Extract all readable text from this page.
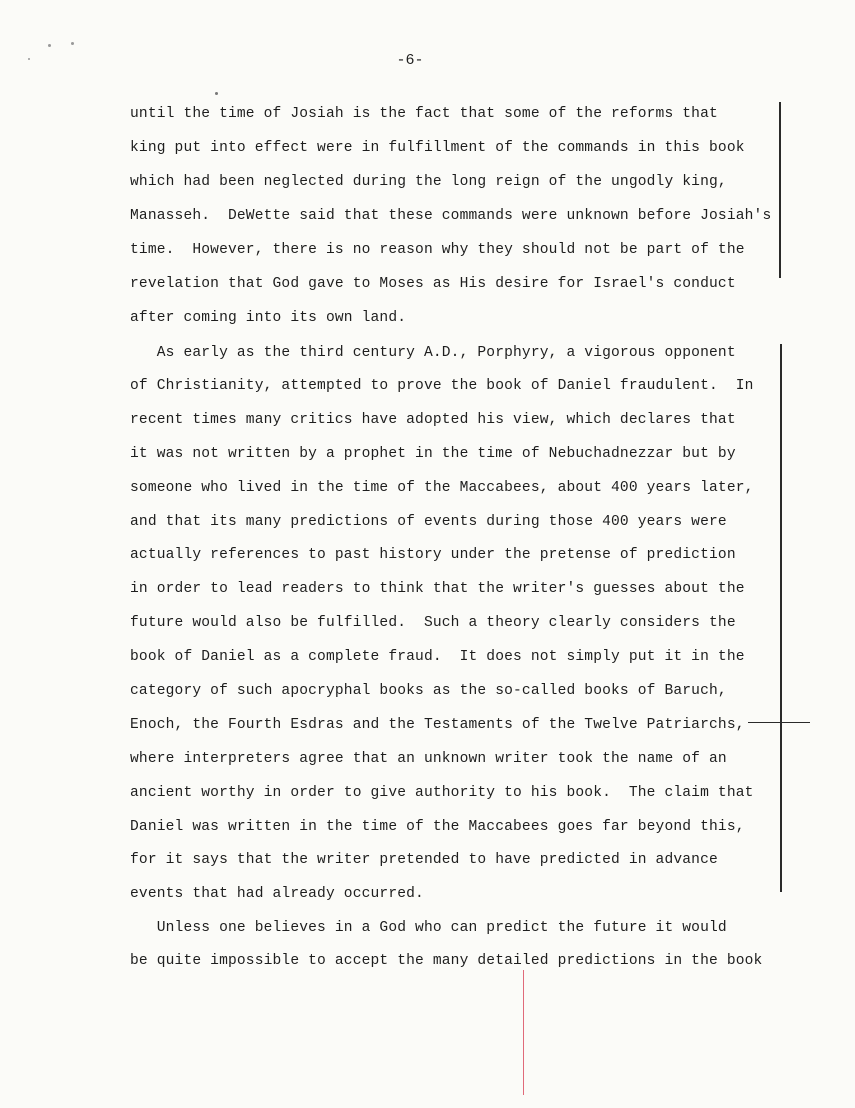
-6-
until the time of Josiah is the fact that some of the reforms that
king put into effect were in fulfillment of the commands in this book
which had been neglected during the long reign of the ungodly king,
Manasseh.  DeWette said that these commands were unknown before Josiah's
time.  However, there is no reason why they should not be part of the
revelation that God gave to Moses as His desire for Israel's conduct
after coming into its own land.
As early as the third century A.D., Porphyry, a vigorous opponent
of Christianity, attempted to prove the book of Daniel fraudulent.  In
recent times many critics have adopted his view, which declares that
it was not written by a prophet in the time of Nebuchadnezzar but by
someone who lived in the time of the Maccabees, about 400 years later,
and that its many predictions of events during those 400 years were
actually references to past history under the pretense of prediction
in order to lead readers to think that the writer's guesses about the
future would also be fulfilled.  Such a theory clearly considers the
book of Daniel as a complete fraud.  It does not simply put it in the
category of such apocryphal books as the so-called books of Baruch,
Enoch, the Fourth Esdras and the Testaments of the Twelve Patriarchs,
where interpreters agree that an unknown writer took the name of an
ancient worthy in order to give authority to his book.  The claim that
Daniel was written in the time of the Maccabees goes far beyond this,
for it says that the writer pretended to have predicted in advance
events that had already occurred.
Unless one believes in a God who can predict the future it would
be quite impossible to accept the many detailed predictions in the book
